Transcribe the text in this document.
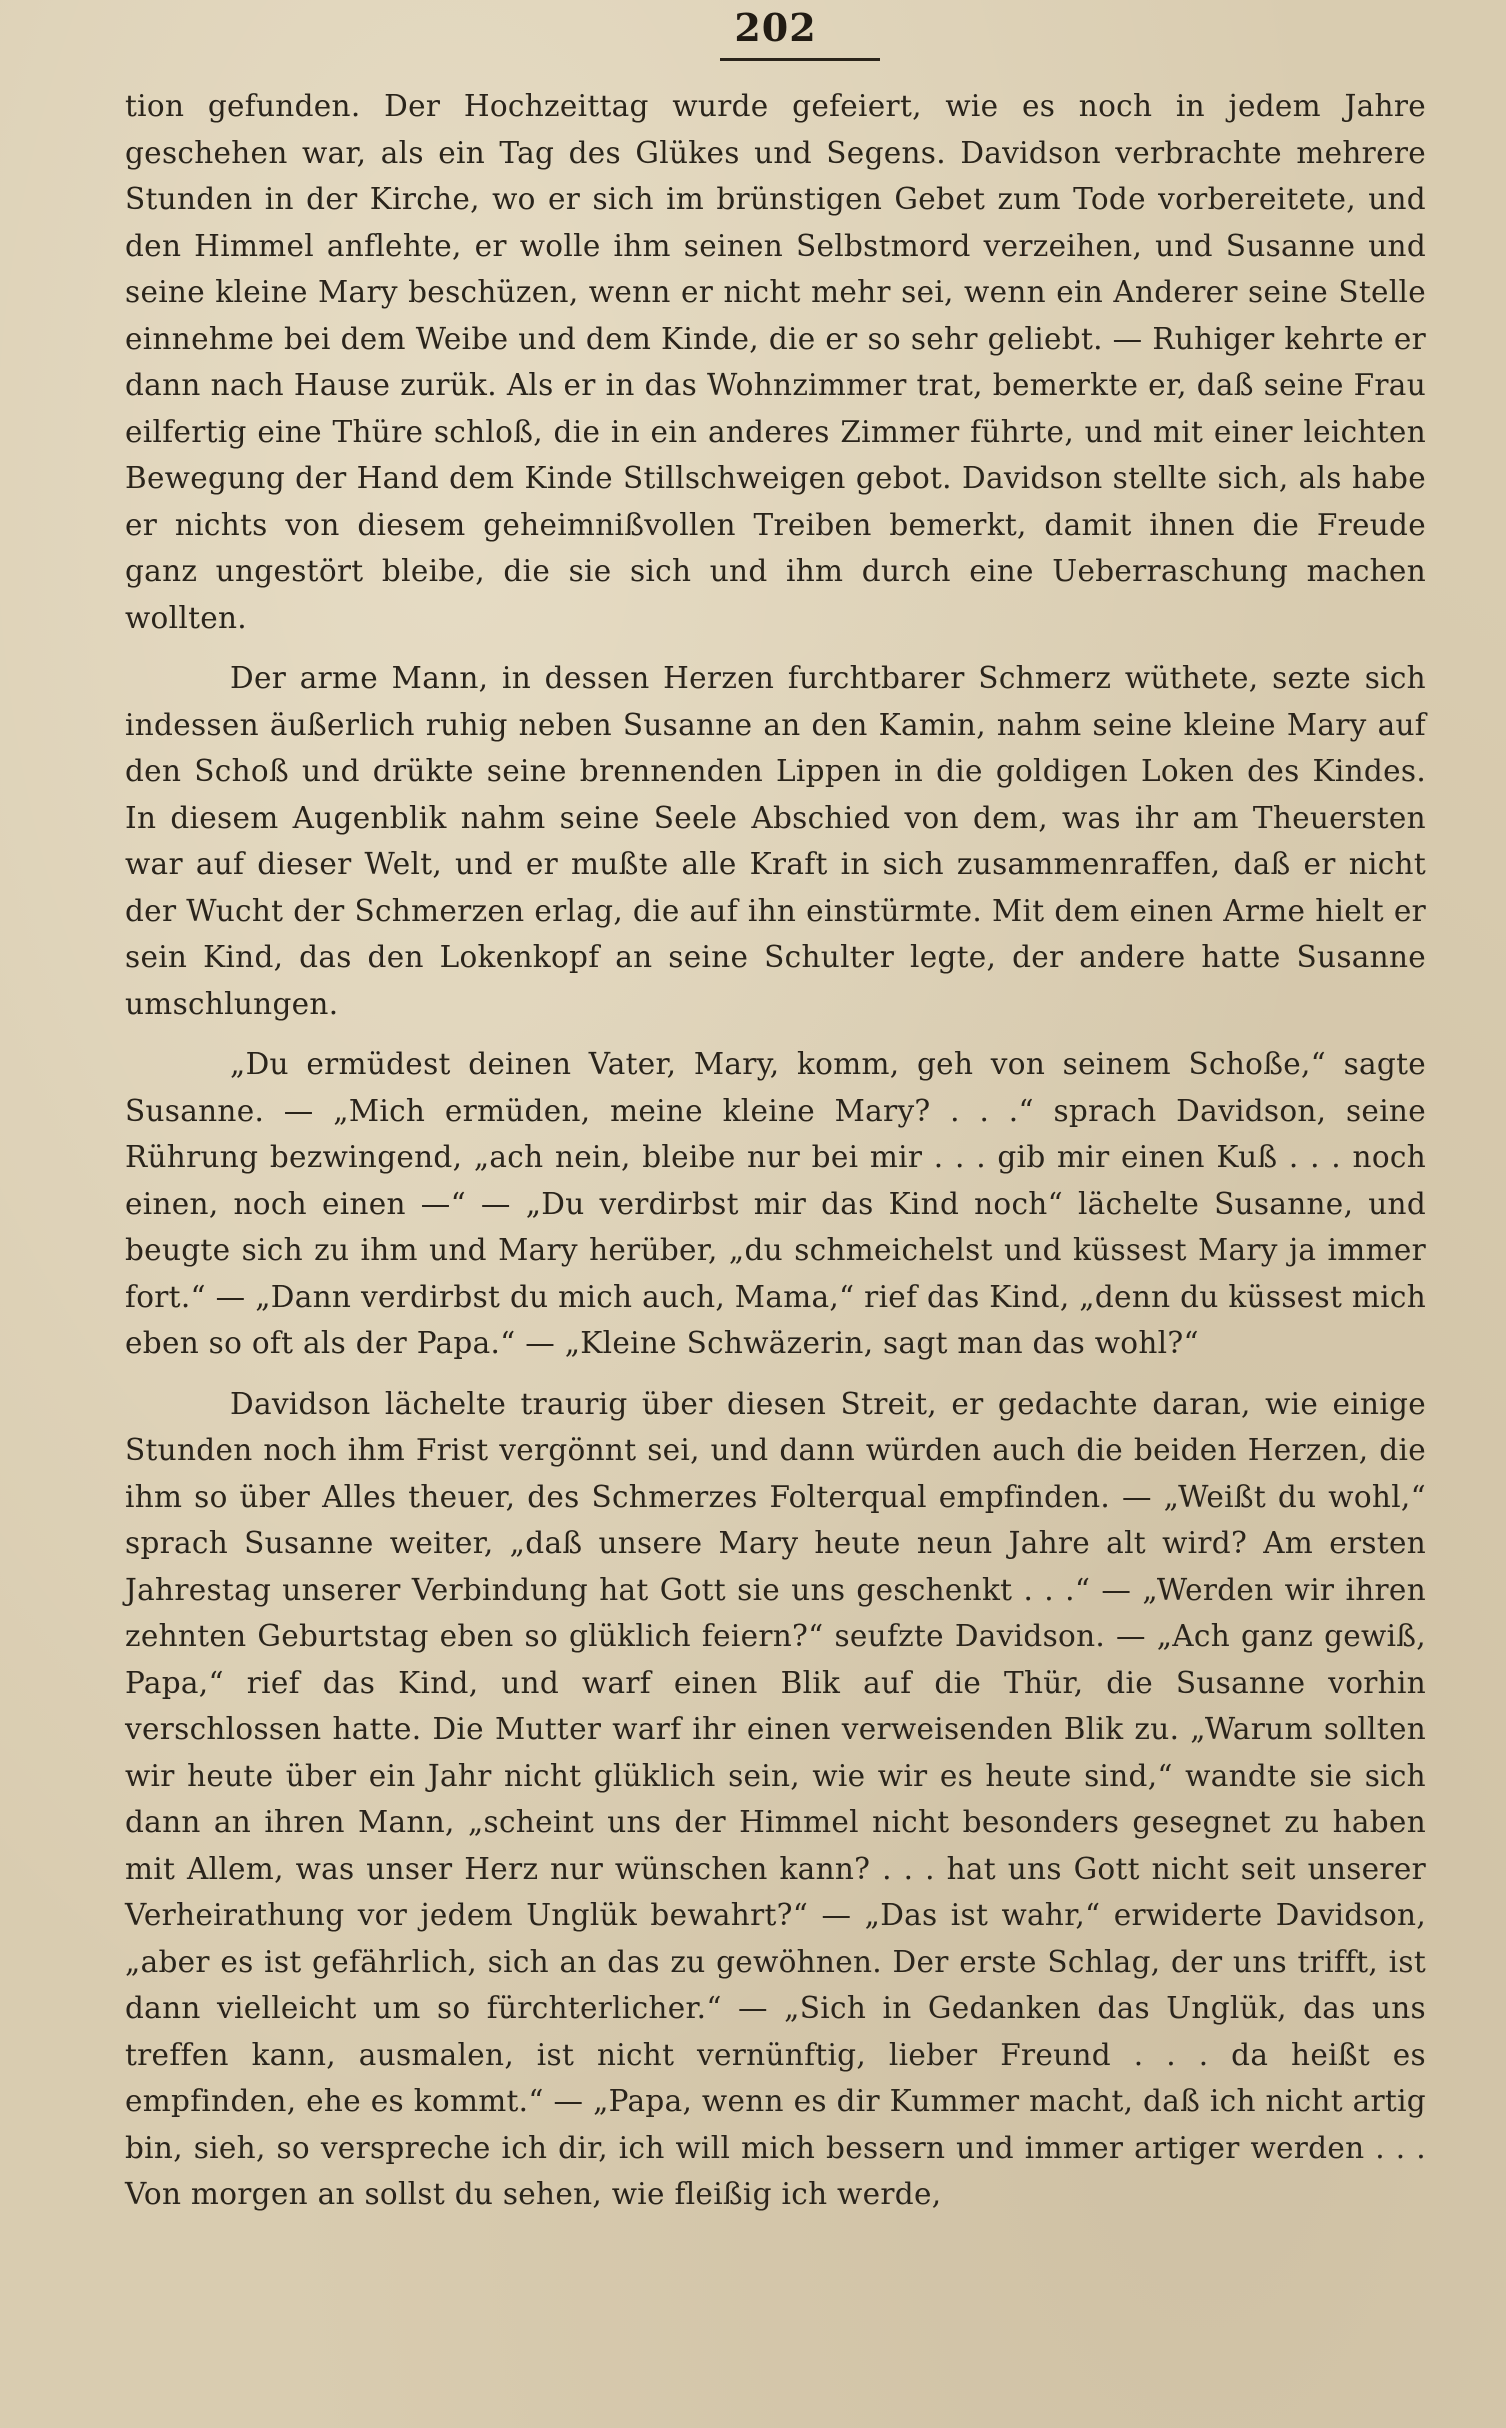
202

tion gefunden. Der Hochzeittag wurde gefeiert, wie es noch in jedem Jahre geschehen war, als ein Tag des Glükes und Segens. Davidson verbrachte mehrere Stunden in der Kirche, wo er sich im brünstigen Gebet zum Tode vorbereitete, und den Himmel anflehte, er wolle ihm seinen Selbstmord verzeihen, und Susanne und seine kleine Mary beschüzen, wenn er nicht mehr sei, wenn ein Anderer seine Stelle einnehme bei dem Weibe und dem Kinde, die er so sehr geliebt. — Ruhiger kehrte er dann nach Hause zurük. Als er in das Wohnzimmer trat, bemerkte er, daß seine Frau eilfertig eine Thüre schloß, die in ein anderes Zimmer führte, und mit einer leichten Bewegung der Hand dem Kinde Stillschweigen gebot. Davidson stellte sich, als habe er nichts von diesem geheimnißvollen Treiben bemerkt, damit ihnen die Freude ganz ungestört bleibe, die sie sich und ihm durch eine Ueberraschung machen wollten.

Der arme Mann, in dessen Herzen furchtbarer Schmerz wüthete, sezte sich indessen äußerlich ruhig neben Susanne an den Kamin, nahm seine kleine Mary auf den Schoß und drükte seine brennenden Lippen in die goldigen Loken des Kindes. In diesem Augenblik nahm seine Seele Abschied von dem, was ihr am Theuersten war auf dieser Welt, und er mußte alle Kraft in sich zusammenraffen, daß er nicht der Wucht der Schmerzen erlag, die auf ihn einstürmte. Mit dem einen Arme hielt er sein Kind, das den Lokenkopf an seine Schulter legte, der andere hatte Susanne umschlungen.

„Du ermüdest deinen Vater, Mary, komm, geh von seinem Schoße,“ sagte Susanne. — „Mich ermüden, meine kleine Mary? . . .“ sprach Davidson, seine Rührung bezwingend, „ach nein, bleibe nur bei mir . . . gib mir einen Kuß . . . noch einen, noch einen —“ — „Du verdirbst mir das Kind noch“ lächelte Susanne, und beugte sich zu ihm und Mary herüber, „du schmeichelst und küssest Mary ja immer fort.“ — „Dann verdirbst du mich auch, Mama,“ rief das Kind, „denn du küssest mich eben so oft als der Papa.“ — „Kleine Schwäzerin, sagt man das wohl?“

Davidson lächelte traurig über diesen Streit, er gedachte daran, wie einige Stunden noch ihm Frist vergönnt sei, und dann würden auch die beiden Herzen, die ihm so über Alles theuer, des Schmerzes Folterqual empfinden. — „Weißt du wohl,“ sprach Susanne weiter, „daß unsere Mary heute neun Jahre alt wird? Am ersten Jahrestag unserer Verbindung hat Gott sie uns geschenkt . . .“ — „Werden wir ihren zehnten Geburtstag eben so glüklich feiern?“ seufzte Davidson. — „Ach ganz gewiß, Papa,“ rief das Kind, und warf einen Blik auf die Thür, die Susanne vorhin verschlossen hatte. Die Mutter warf ihr einen verweisenden Blik zu. „Warum sollten wir heute über ein Jahr nicht glüklich sein, wie wir es heute sind,“ wandte sie sich dann an ihren Mann, „scheint uns der Himmel nicht besonders gesegnet zu haben mit Allem, was unser Herz nur wünschen kann? . . . hat uns Gott nicht seit unserer Verheirathung vor jedem Unglük bewahrt?“ — „Das ist wahr,“ erwiderte Davidson, „aber es ist gefährlich, sich an das zu gewöhnen. Der erste Schlag, der uns trifft, ist dann vielleicht um so fürchterlicher.“ — „Sich in Gedanken das Unglük, das uns treffen kann, ausmalen, ist nicht vernünftig, lieber Freund . . . da heißt es empfinden, ehe es kommt.“ — „Papa, wenn es dir Kummer macht, daß ich nicht artig bin, sieh, so verspreche ich dir, ich will mich bessern und immer artiger werden . . . Von morgen an sollst du sehen, wie fleißig ich werde,
